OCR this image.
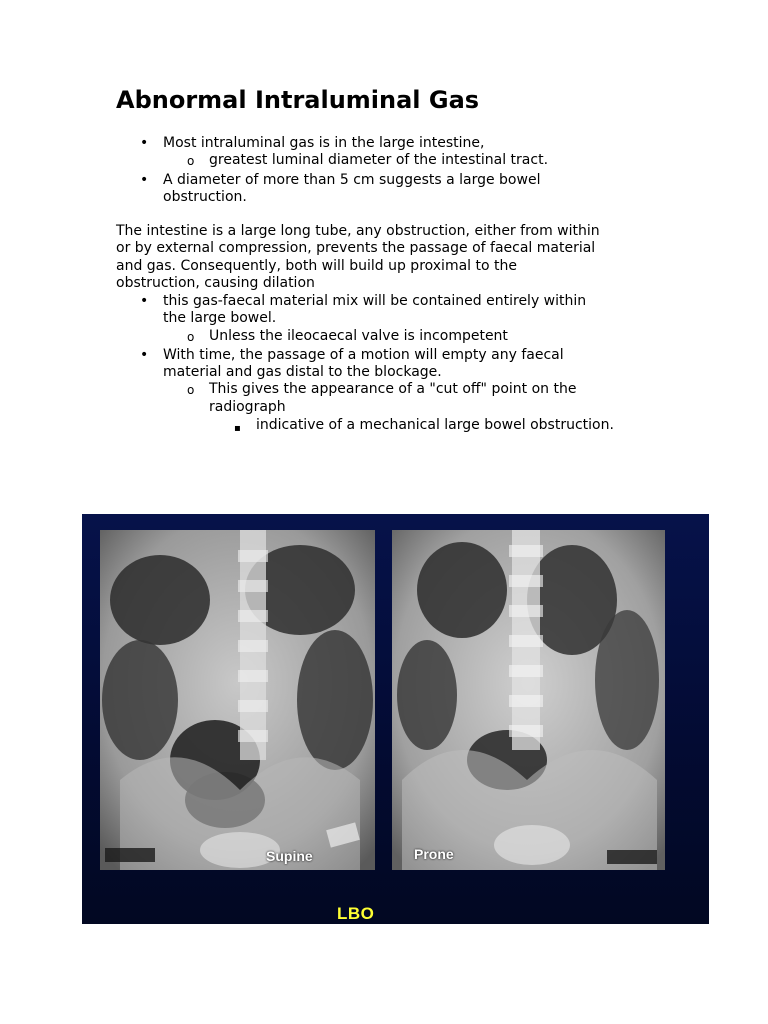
Abnormal Intraluminal Gas
• Most intraluminal gas is in the large intestine,
o greatest luminal diameter of the intestinal tract.
• A diameter of more than 5 cm suggests a large bowel
obstruction.
The intestine is a large long tube, any obstruction, either from within
or by external compression, prevents the passage of faecal material
and gas. Consequently, both will build up proximal to the
obstruction, causing dilation
• this gas-faecal material mix will be contained entirely within
the large bowel.
o Unless the ileocaecal valve is incompetent
• With time, the passage of a motion will empty any faecal
material and gas distal to the blockage.
o This gives the appearance of a "cut off" point on the
radiograph
▪ indicative of a mechanical large bowel obstruction.
Supine	Prone
LBO
